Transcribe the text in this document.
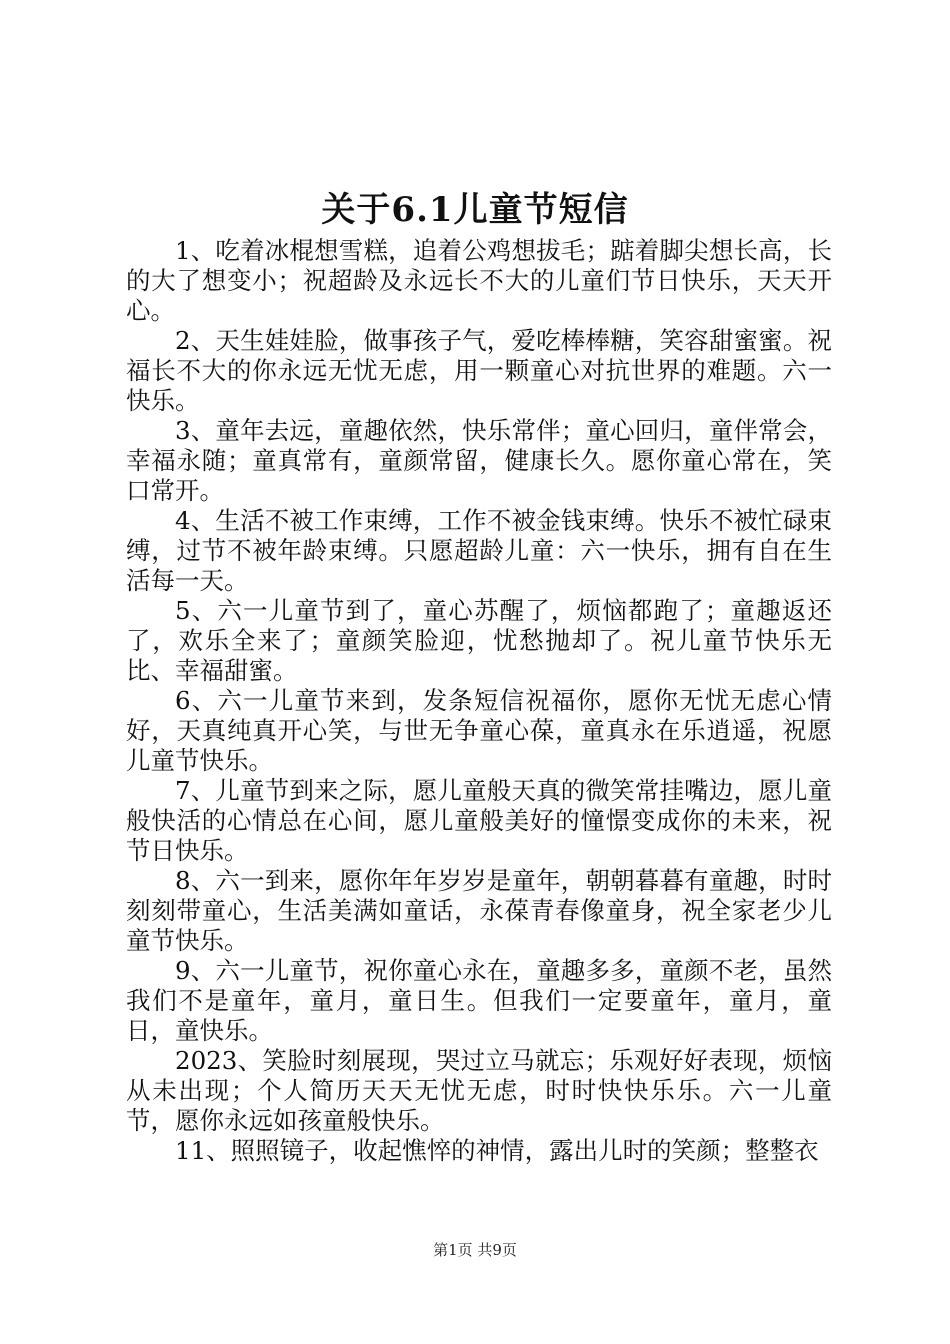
关于6.1儿童节短信

1、吃着冰棍想雪糕，追着公鸡想拔毛；踮着脚尖想长高，长的大了想变小；祝超龄及永远长不大的儿童们节日快乐，天天开心。

2、天生娃娃脸，做事孩子气，爱吃棒棒糖，笑容甜蜜蜜。祝福长不大的你永远无忧无虑，用一颗童心对抗世界的难题。六一快乐。

3、童年去远，童趣依然，快乐常伴；童心回归，童伴常会，幸福永随；童真常有，童颜常留，健康长久。愿你童心常在，笑口常开。

4、生活不被工作束缚，工作不被金钱束缚。快乐不被忙碌束缚，过节不被年龄束缚。只愿超龄儿童：六一快乐，拥有自在生活每一天。

5、六一儿童节到了，童心苏醒了，烦恼都跑了；童趣返还了，欢乐全来了；童颜笑脸迎，忧愁抛却了。祝儿童节快乐无比、幸福甜蜜。

6、六一儿童节来到，发条短信祝福你，愿你无忧无虑心情好，天真纯真开心笑，与世无争童心葆，童真永在乐逍遥，祝愿儿童节快乐。

7、儿童节到来之际，愿儿童般天真的微笑常挂嘴边，愿儿童般快活的心情总在心间，愿儿童般美好的憧憬变成你的未来，祝节日快乐。

8、六一到来，愿你年年岁岁是童年，朝朝暮暮有童趣，时时刻刻带童心，生活美满如童话，永葆青春像童身，祝全家老少儿童节快乐。

9、六一儿童节，祝你童心永在，童趣多多，童颜不老，虽然我们不是童年，童月，童日生。但我们一定要童年，童月，童日，童快乐。

2023、笑脸时刻展现，哭过立马就忘；乐观好好表现，烦恼从未出现；个人简历天天无忧无虑，时时快快乐乐。六一儿童节，愿你永远如孩童般快乐。

11、照照镜子，收起憔悴的神情，露出儿时的笑颜；整整衣

第1页 共9页
